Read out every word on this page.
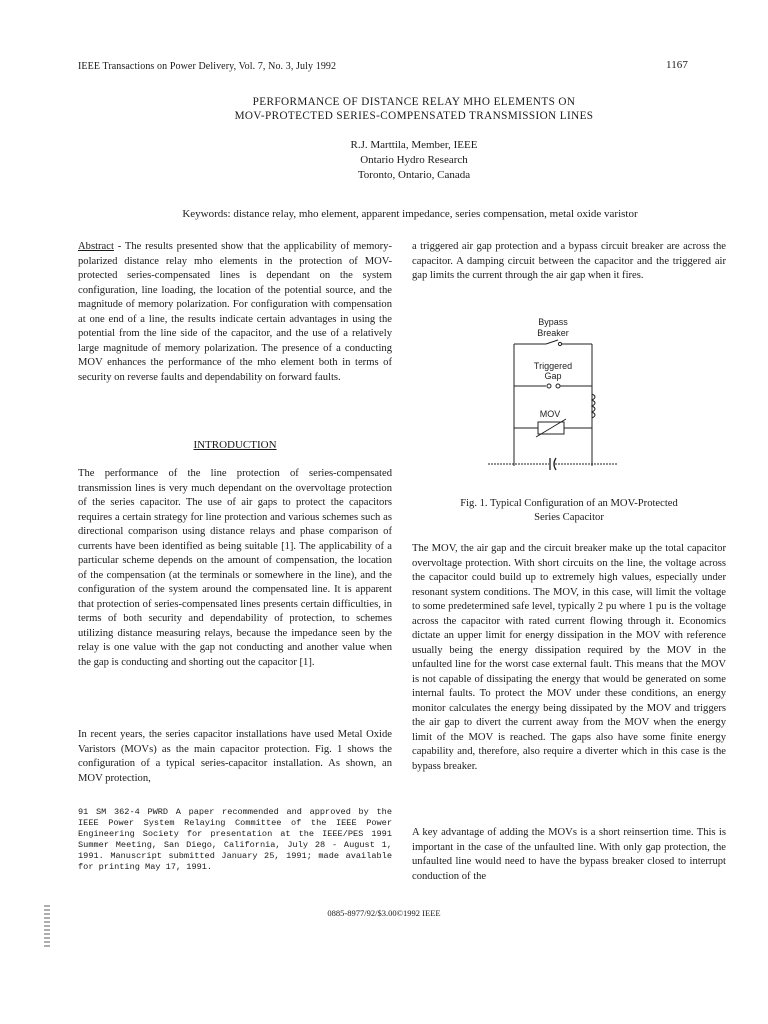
IEEE Transactions on Power Delivery, Vol. 7, No. 3, July 1992	1167
PERFORMANCE OF DISTANCE RELAY MHO ELEMENTS ON
MOV-PROTECTED SERIES-COMPENSATED TRANSMISSION LINES
R.J. Marttila, Member, IEEE
Ontario Hydro Research
Toronto, Ontario, Canada
Keywords: distance relay, mho element, apparent impedance, series compensation, metal oxide varistor

Abstract - The results presented show that the applicability of memory-polarized distance relay mho elements in the protection of MOV-protected series-compensated lines is dependant on the system configuration, line loading, the location of the potential source, and the magnitude of memory polarization. For configuration with compensation at one end of a line, the results indicate certain advantages in using the potential from the line side of the capacitor, and the use of a relatively large magnitude of memory polarization. The presence of a conducting MOV enhances the performance of the mho element both in terms of security on reverse faults and dependability on forward faults.

INTRODUCTION

The performance of the line protection of series-compensated transmission lines is very much dependant on the overvoltage protection of the series capacitor. The use of air gaps to protect the capacitors requires a certain strategy for line protection and various schemes such as directional comparison using distance relays and phase comparison of currents have been identified as being suitable [1]. The applicability of a particular scheme depends on the amount of compensation, the location of the compensation (at the terminals or somewhere in the line), and the configuration of the system around the compensated line. It is apparent that protection of series-compensated lines presents certain difficulties, in terms of both security and dependability of protection, to schemes utilizing distance measuring relays, because the impedance seen by the relay is one value with the gap not conducting and another value when the gap is conducting and shorting out the capacitor [1].

In recent years, the series capacitor installations have used Metal Oxide Varistors (MOVs) as the main capacitor protection. Fig. 1 shows the configuration of a typical series-capacitor installation. As shown, an MOV protection,

91 SM 362-4 PWRD A paper recommended and approved by the IEEE Power System Relaying Committee of the IEEE Power Engineering Society for presentation at the IEEE/PES 1991 Summer Meeting, San Diego, California, July 28 - August 1, 1991. Manuscript submitted January 25, 1991; made available for printing May 17, 1991.

a triggered air gap protection and a bypass circuit breaker are across the capacitor. A damping circuit between the capacitor and the triggered air gap limits the current through the air gap when it fires.

Bypass
Breaker
Triggered
Gap
MOV
Fig. 1. Typical Configuration of an MOV-Protected
Series Capacitor

The MOV, the air gap and the circuit breaker make up the total capacitor overvoltage protection. With short circuits on the line, the voltage across the capacitor could build up to extremely high values, especially under resonant system conditions. The MOV, in this case, will limit the voltage to some predetermined safe level, typically 2 pu where 1 pu is the voltage across the capacitor with rated current flowing through it. Economics dictate an upper limit for energy dissipation in the MOV with reference usually being the energy dissipation required by the MOV in the unfaulted line for the worst case external fault. This means that the MOV is not capable of dissipating the energy that would be generated on some internal faults. To protect the MOV under these conditions, an energy monitor calculates the energy being dissipated by the MOV and triggers the air gap to divert the current away from the MOV when the energy limit of the MOV is reached. The gaps also have some finite energy capability and, therefore, also require a diverter which in this case is the bypass breaker.

A key advantage of adding the MOVs is a short reinsertion time. This is important in the case of the unfaulted line. With only gap protection, the unfaulted line would need to have the bypass breaker closed to interrupt conduction of the

0885-8977/92/$3.00©1992 IEEE
